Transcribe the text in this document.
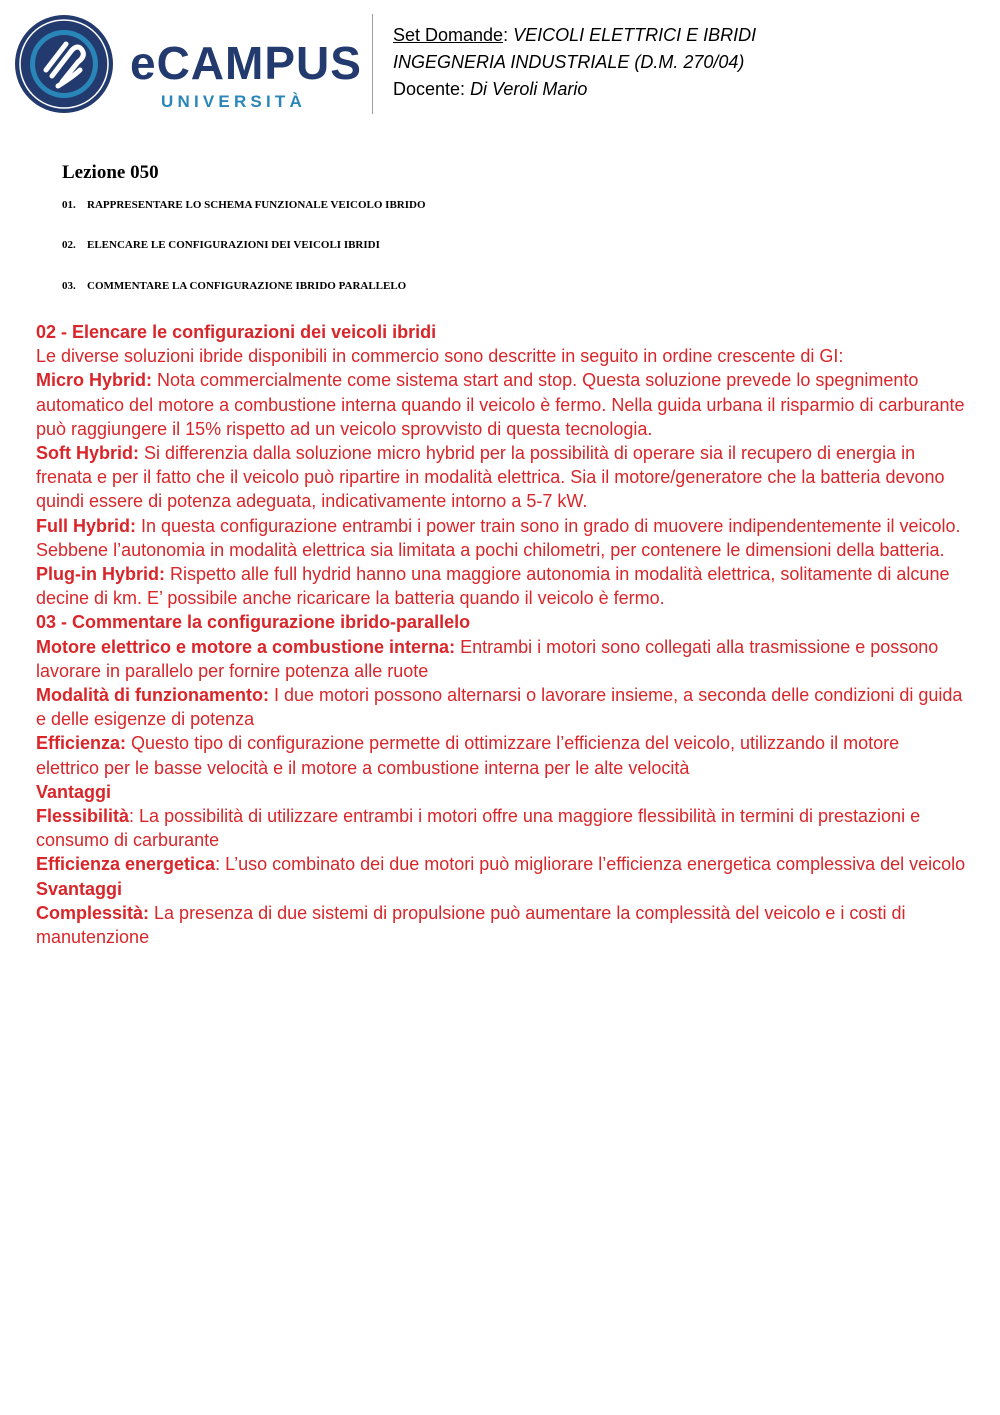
eCAMPUS
UNIVERSITÀ
Set Domande: VEICOLI ELETTRICI E IBRIDI
INGEGNERIA INDUSTRIALE (D.M. 270/04)
Docente: Di Veroli Mario
Lezione 050
01. RAPPRESENTARE LO SCHEMA FUNZIONALE VEICOLO IBRIDO
02. ELENCARE LE CONFIGURAZIONI DEI VEICOLI IBRIDI
03. COMMENTARE LA CONFIGURAZIONE IBRIDO PARALLELO

02 - Elencare le configurazioni dei veicoli ibridi

Le diverse soluzioni ibride disponibili in commercio sono descritte in seguito in ordine crescente di GI:

Micro Hybrid: Nota commercialmente come sistema start and stop. Questa soluzione prevede lo spegnimento automatico del motore a combustione interna quando il veicolo è fermo. Nella guida urbana il risparmio di carburante può raggiungere il 15% rispetto ad un veicolo sprovvisto di questa tecnologia.

Soft Hybrid: Si differenzia dalla soluzione micro hybrid per la possibilità di operare sia il recupero di energia in frenata e per il fatto che il veicolo può ripartire in modalità elettrica. Sia il motore/generatore che la batteria devono quindi essere di potenza adeguata, indicativamente intorno a 5-7 kW.

Full Hybrid: In questa configurazione entrambi i power train sono in grado di muovere indipendentemente il veicolo. Sebbene l’autonomia in modalità elettrica sia limitata a pochi chilometri, per contenere le dimensioni della batteria.

Plug-in Hybrid: Rispetto alle full hydrid hanno una maggiore autonomia in modalità elettrica, solitamente di alcune decine di km. E’ possibile anche ricaricare la batteria quando il veicolo è fermo.

03 - Commentare la configurazione ibrido-parallelo

Motore elettrico e motore a combustione interna: Entrambi i motori sono collegati alla trasmissione e possono lavorare in parallelo per fornire potenza alle ruote

Modalità di funzionamento: I due motori possono alternarsi o lavorare insieme, a seconda delle condizioni di guida e delle esigenze di potenza

Efficienza: Questo tipo di configurazione permette di ottimizzare l’efficienza del veicolo, utilizzando il motore elettrico per le basse velocità e il motore a combustione interna per le alte velocità

Vantaggi

Flessibilità: La possibilità di utilizzare entrambi i motori offre una maggiore flessibilità in termini di prestazioni e consumo di carburante

Efficienza energetica: L’uso combinato dei due motori può migliorare l’efficienza energetica complessiva del veicolo

Svantaggi

Complessità: La presenza di due sistemi di propulsione può aumentare la complessità del veicolo e i costi di manutenzione
